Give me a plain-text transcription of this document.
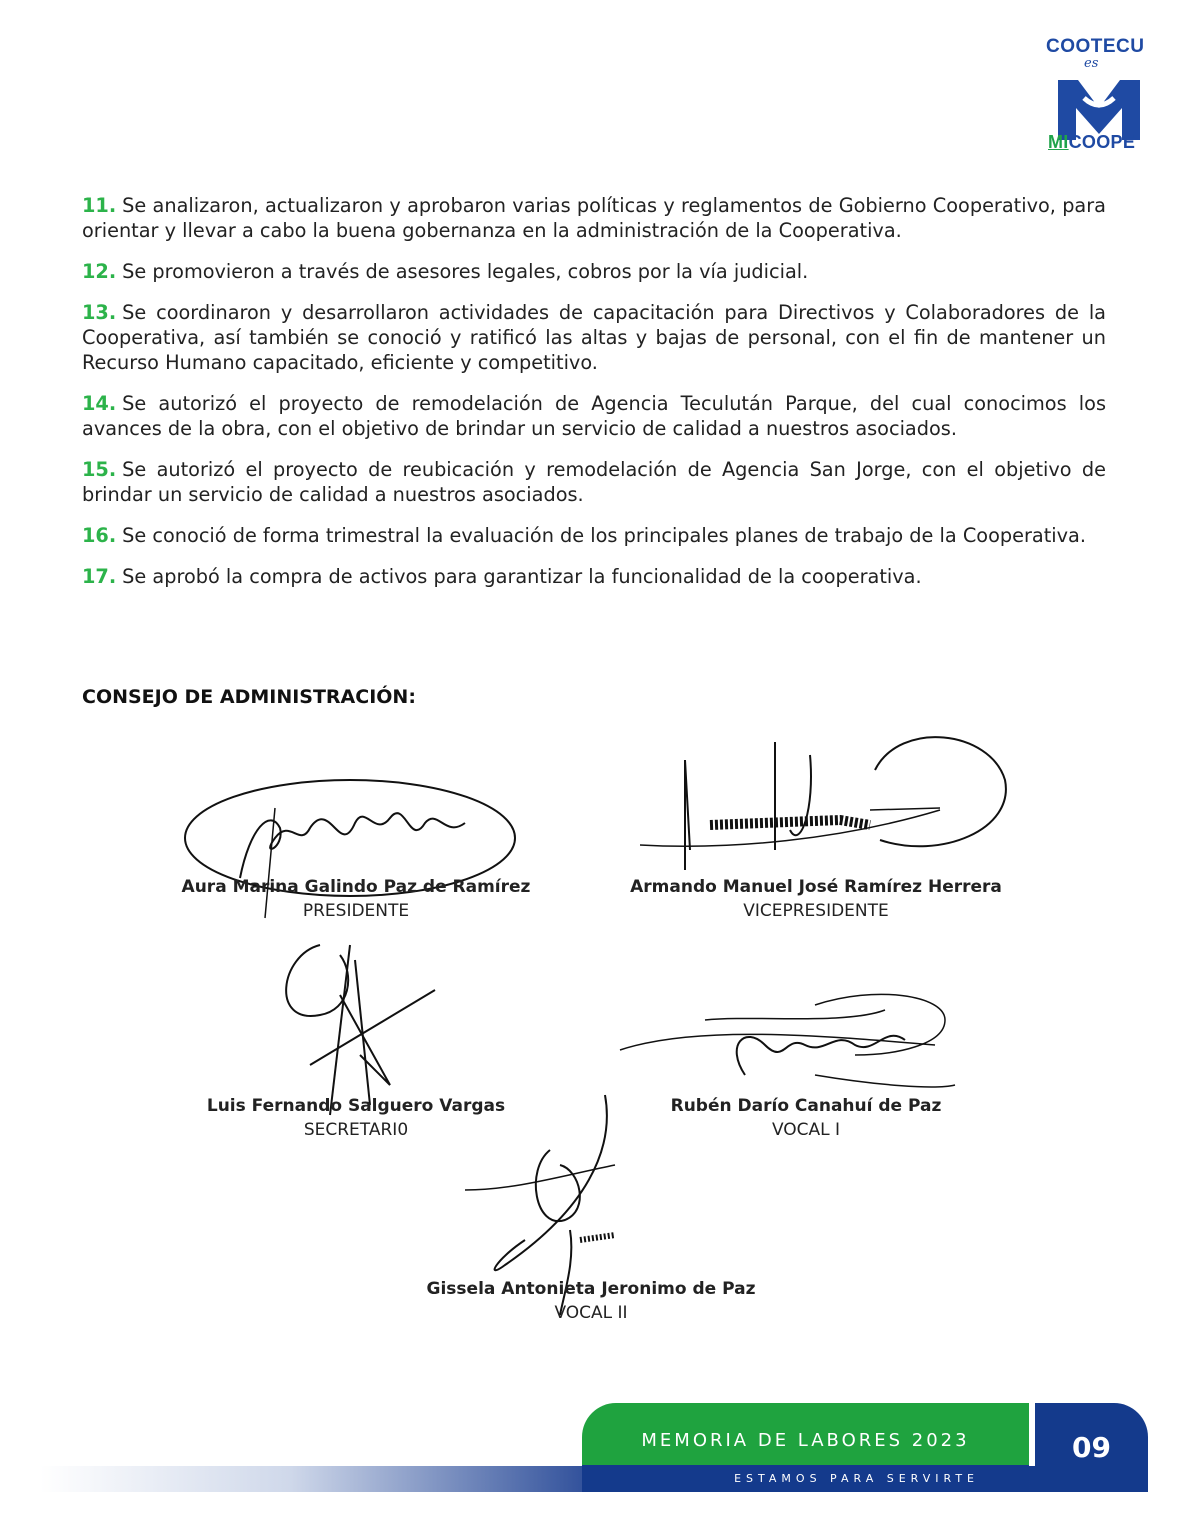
COOTECU
es
MICOOPE

11. Se analizaron, actualizaron y aprobaron varias políticas y reglamentos de Gobierno Cooperativo, para orientar y llevar a cabo la buena gobernanza en la administración de la Cooperativa.

12. Se promovieron a través de asesores legales, cobros por la vía judicial.

13. Se coordinaron y desarrollaron actividades de capacitación para Directivos y Colaboradores de la Cooperativa, así también se conoció y ratificó las altas y bajas de personal, con el fin de mantener un Recurso Humano capacitado, eficiente y competitivo.

14. Se autorizó el proyecto de remodelación de Agencia Teculután Parque, del cual conocimos los avances de la obra, con el objetivo de brindar un servicio de calidad a nuestros asociados.

15. Se autorizó el proyecto de reubicación y remodelación de Agencia San Jorge, con el objetivo de brindar un servicio de calidad a nuestros asociados.

16. Se conoció de forma trimestral la evaluación de los principales planes de trabajo de la Cooperativa.

17. Se aprobó la compra de activos para garantizar la funcionalidad de la cooperativa.

CONSEJO DE ADMINISTRACIÓN:
Aura Marina Galindo Paz de Ramírez
PRESIDENTE
Armando Manuel José Ramírez Herrera
VICEPRESIDENTE
Luis Fernando Salguero Vargas
SECRETARI0
Rubén Darío Canahuí de Paz
VOCAL I
Gissela Antonieta Jeronimo de Paz
VOCAL II
MEMORIA DE LABORES 2023
ESTAMOS PARA SERVIRTE
09
